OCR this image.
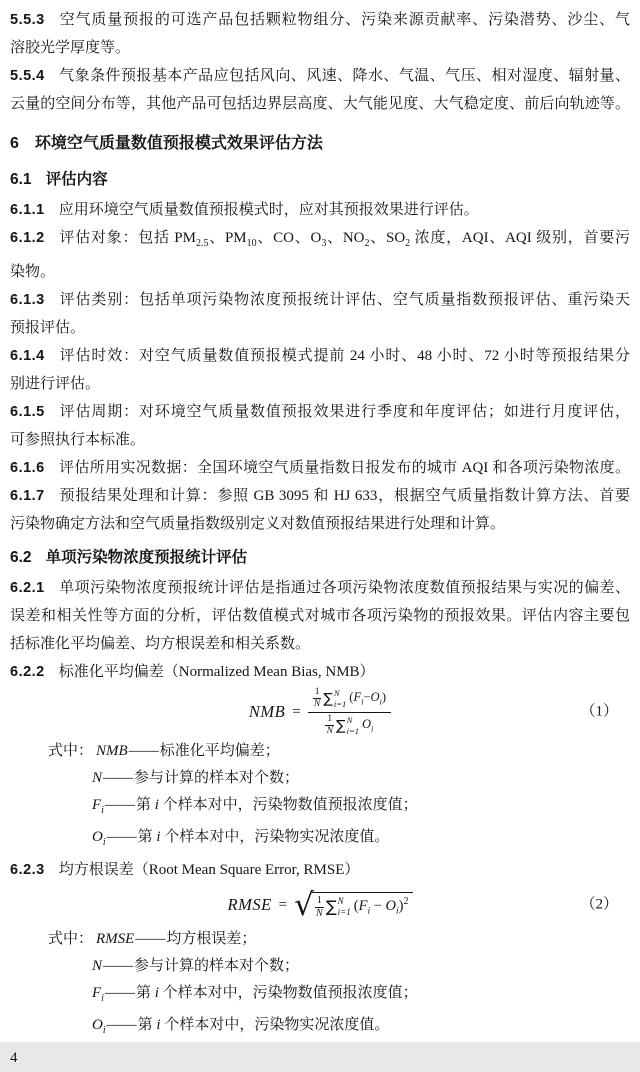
5.5.3 空气质量预报的可选产品包括颗粒物组分、污染来源贡献率、污染潜势、沙尘、气
溶胶光学厚度等。
5.5.4 气象条件预报基本产品应包括风向、风速、降水、气温、气压、相对湿度、辐射量、
云量的空间分布等，其他产品可包括边界层高度、大气能见度、大气稳定度、前后向轨迹等。
6 环境空气质量数值预报模式效果评估方法
6.1 评估内容
6.1.1 应用环境空气质量数值预报模式时，应对其预报效果进行评估。
6.1.2 评估对象：包括 $PM_{2.5}$、$PM_{10}$、CO、$O_3$、$NO_2$、$SO_2$ 浓度，AQI、AQI 级别，首要污
染物。
6.1.3 评估类别：包括单项污染物浓度预报统计评估、空气质量指数预报评估、重污染天
预报评估。
6.1.4 评估时效：对空气质量数值预报模式提前 24 小时、48 小时、72 小时等预报结果分
别进行评估。
6.1.5 评估周期：对环境空气质量数值预报效果进行季度和年度评估；如进行月度评估，
可参照执行本标准。
6.1.6 评估所用实况数据：全国环境空气质量指数日报发布的城市 AQI 和各项污染物浓度。
6.1.7 预报结果处理和计算：参照 GB 3095 和 HJ 633，根据空气质量指数计算方法、首要
污染物确定方法和空气质量指数级别定义对数值预报结果进行处理和计算。
6.2 单项污染物浓度预报统计评估
6.2.1 单项污染物浓度预报统计评估是指通过各项污染物浓度数值预报结果与实况的偏差、
误差和相关性等方面的分析，评估数值模式对城市各项污染物的预报效果。评估内容主要包
括标准化平均偏差、均方根误差和相关系数。
6.2.2 标准化平均偏差（Normalized Mean Bias, NMB）
NMB = 1
N ∑ N
i=1 $(F_i-O_i)$
1
N ∑ N
i=1 $O_i$	（1）
式中： NMB——标准化平均偏差；
N——参与计算的样本对个数；
$F_i——$第 i 个样本对中，污染物数值预报浓度值；
$O_i——$第 i 个样本对中，污染物实况浓度值。
6.2.3 均方根误差（Root Mean Square Error, RMSE）
RMSE = √ 1
N ∑ N
i=1 $(F_i - O_i)^2$	（2）
式中： RMSE——均方根误差；
N——参与计算的样本对个数；
$F_i——$第 i 个样本对中，污染物数值预报浓度值；
$O_i——$第 i 个样本对中，污染物实况浓度值。
4
